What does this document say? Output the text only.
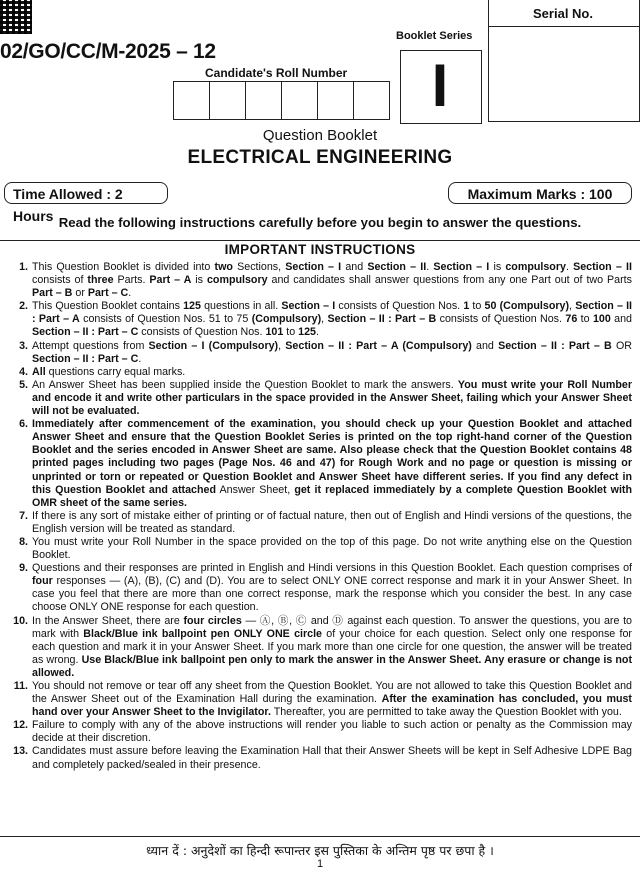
Serial No.
02/GO/CC/M-2025 – 12
Booklet Series
I
Candidate's Roll Number
Question Booklet
ELECTRICAL ENGINEERING
Time Allowed : 2 Hours
Maximum Marks : 100
Read the following instructions carefully before you begin to answer the questions.
IMPORTANT INSTRUCTIONS
1. This Question Booklet is divided into two Sections, Section – I and Section – II. Section – I is compulsory. Section – II consists of three Parts. Part – A is compulsory and candidates shall answer questions from any one Part out of two Parts Part – B or Part – C.
2. This Question Booklet contains 125 questions in all. Section – I consists of Question Nos. 1 to 50 (Compulsory), Section – II : Part – A consists of Question Nos. 51 to 75 (Compulsory), Section – II : Part – B consists of Question Nos. 76 to 100 and Section – II : Part – C consists of Question Nos. 101 to 125.
3. Attempt questions from Section – I (Compulsory), Section – II : Part – A (Compulsory) and Section – II : Part – B OR Section – II : Part – C.
4. All questions carry equal marks.
5. An Answer Sheet has been supplied inside the Question Booklet to mark the answers. You must write your Roll Number and encode it and write other particulars in the space provided in the Answer Sheet, failing which your Answer Sheet will not be evaluated.
6. Immediately after commencement of the examination, you should check up your Question Booklet and attached Answer Sheet and ensure that the Question Booklet Series is printed on the top right-hand corner of the Question Booklet and the series encoded in Answer Sheet are same. Also please check that the Question Booklet contains 48 printed pages including two pages (Page Nos. 46 and 47) for Rough Work and no page or question is missing or unprinted or torn or repeated or Question Booklet and Answer Sheet have different series. If you find any defect in this Question Booklet and attached Answer Sheet, get it replaced immediately by a complete Question Booklet with OMR sheet of the same series.
7. If there is any sort of mistake either of printing or of factual nature, then out of English and Hindi versions of the questions, the English version will be treated as standard.
8. You must write your Roll Number in the space provided on the top of this page. Do not write anything else on the Question Booklet.
9. Questions and their responses are printed in English and Hindi versions in this Question Booklet. Each question comprises of four responses — (A), (B), (C) and (D). You are to select ONLY ONE correct response and mark it in your Answer Sheet. In case you feel that there are more than one correct response, mark the response which you consider the best. In any case choose ONLY ONE response for each question.
10. In the Answer Sheet, there are four circles — Ⓐ, Ⓑ, Ⓒ and Ⓓ against each question. To answer the questions, you are to mark with Black/Blue ink ballpoint pen ONLY ONE circle of your choice for each question. Select only one response for each question and mark it in your Answer Sheet. If you mark more than one circle for one question, the answer will be treated as wrong. Use Black/Blue ink ballpoint pen only to mark the answer in the Answer Sheet. Any erasure or change is not allowed.
11. You should not remove or tear off any sheet from the Question Booklet. You are not allowed to take this Question Booklet and the Answer Sheet out of the Examination Hall during the examination. After the examination has concluded, you must hand over your Answer Sheet to the Invigilator. Thereafter, you are permitted to take away the Question Booklet with you.
12. Failure to comply with any of the above instructions will render you liable to such action or penalty as the Commission may decide at their discretion.
13. Candidates must assure before leaving the Examination Hall that their Answer Sheets will be kept in Self Adhesive LDPE Bag and completely packed/sealed in their presence.
ध्यान दें : अनुदेशों का हिन्दी रूपान्तर इस पुस्तिका के अन्तिम पृष्ठ पर छपा है ।
1
